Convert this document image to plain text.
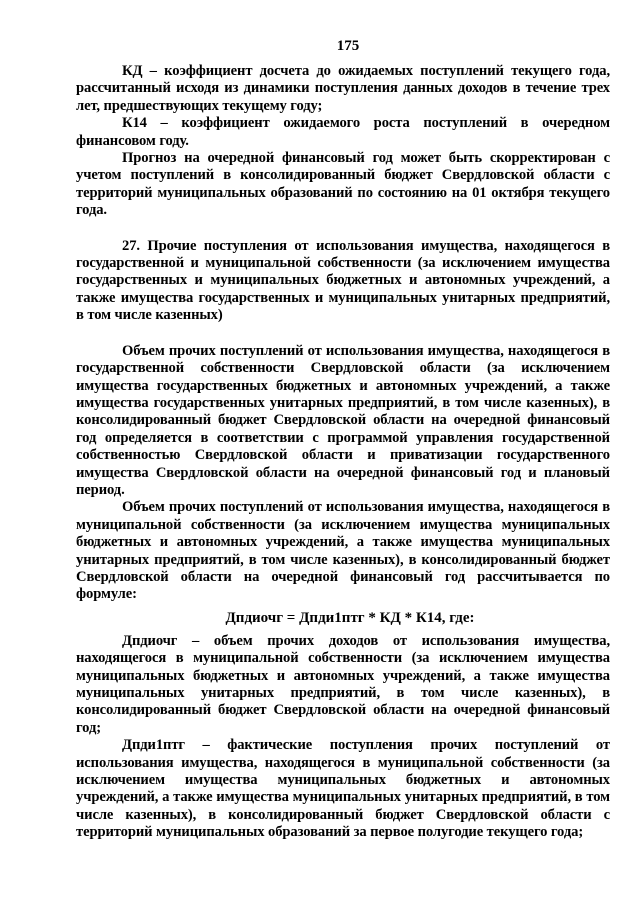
175

КД – коэффициент досчета до ожидаемых поступлений текущего года, рассчитанный исходя из динамики поступления данных доходов в течение трех лет, предшествующих текущему году;

К14 – коэффициент ожидаемого роста поступлений в очередном финансовом году.

Прогноз на очередной финансовый год может быть скорректирован с учетом поступлений в консолидированный бюджет Свердловской области с территорий муниципальных образований по состоянию на 01 октября текущего года.

27. Прочие поступления от использования имущества, находящегося в государственной и муниципальной собственности (за исключением имущества государственных и муниципальных бюджетных и автономных учреждений, а также имущества государственных и муниципальных унитарных предприятий, в том числе казенных)

Объем прочих поступлений от использования имущества, находящегося в государственной собственности Свердловской области (за исключением имущества государственных бюджетных и автономных учреждений, а также имущества государственных унитарных предприятий, в том числе казенных), в консолидированный бюджет Свердловской области на очередной финансовый год определяется в соответствии с программой управления государственной собственностью Свердловской области и приватизации государственного имущества Свердловской области на очередной финансовый год и плановый период.

Объем прочих поступлений от использования имущества, находящегося в муниципальной собственности (за исключением имущества муниципальных бюджетных и автономных учреждений, а также имущества муниципальных унитарных предприятий, в том числе казенных), в консолидированный бюджет Свердловской области на очередной финансовый год рассчитывается по формуле:

Дпдиочг = Дпди1птг * КД * К14, где:

Дпдиочг – объем прочих доходов от использования имущества, находящегося в муниципальной собственности (за исключением имущества муниципальных бюджетных и автономных учреждений, а также имущества муниципальных унитарных предприятий, в том числе казенных), в консолидированный бюджет Свердловской области на очередной финансовый год;

Дпди1птг – фактические поступления прочих поступлений от использования имущества, находящегося в муниципальной собственности (за исключением имущества муниципальных бюджетных и автономных учреждений, а также имущества муниципальных унитарных предприятий, в том числе казенных), в консолидированный бюджет Свердловской области с территорий муниципальных образований за первое полугодие текущего года;
